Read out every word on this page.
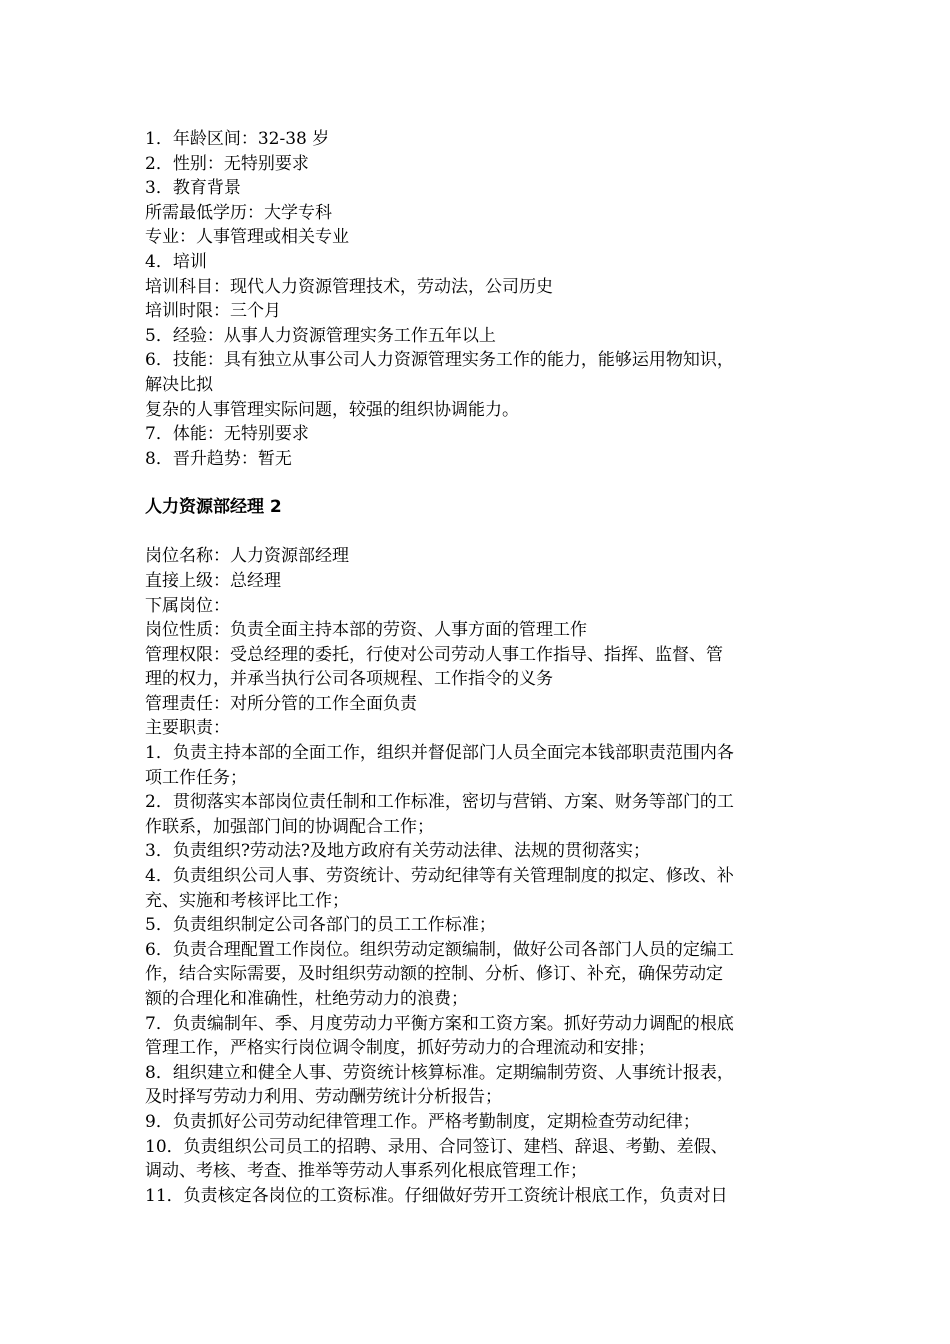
1．年龄区间：32-38 岁
2．性别：无特别要求
3．教育背景
所需最低学历：大学专科
专业：人事管理或相关专业
4．培训
培训科目：现代人力资源管理技术，劳动法，公司历史
培训时限：三个月
5．经验：从事人力资源管理实务工作五年以上
6．技能：具有独立从事公司人力资源管理实务工作的能力，能够运用物知识，
解决比拟
复杂的人事管理实际问题，较强的组织协调能力。
7．体能：无特别要求
8．晋升趋势：暂无
人力资源部经理 2
岗位名称：人力资源部经理
直接上级：总经理
下属岗位：
岗位性质：负责全面主持本部的劳资、人事方面的管理工作
管理权限：受总经理的委托，行使对公司劳动人事工作指导、指挥、监督、管
理的权力，并承当执行公司各项规程、工作指令的义务
管理责任：对所分管的工作全面负责
主要职责：
1．负责主持本部的全面工作，组织并督促部门人员全面完本钱部职责范围内各
项工作任务；
2．贯彻落实本部岗位责任制和工作标准，密切与营销、方案、财务等部门的工
作联系，加强部门间的协调配合工作；
3．负责组织?劳动法?及地方政府有关劳动法律、法规的贯彻落实；
4．负责组织公司人事、劳资统计、劳动纪律等有关管理制度的拟定、修改、补
充、实施和考核评比工作；
5．负责组织制定公司各部门的员工工作标准；
6．负责合理配置工作岗位。组织劳动定额编制，做好公司各部门人员的定编工
作，结合实际需要，及时组织劳动额的控制、分析、修订、补充，确保劳动定
额的合理化和准确性，杜绝劳动力的浪费；
7．负责编制年、季、月度劳动力平衡方案和工资方案。抓好劳动力调配的根底
管理工作，严格实行岗位调令制度，抓好劳动力的合理流动和安排；
8．组织建立和健全人事、劳资统计核算标准。定期编制劳资、人事统计报表，
及时择写劳动力利用、劳动酬劳统计分析报告；
9．负责抓好公司劳动纪律管理工作。严格考勤制度，定期检查劳动纪律；
10．负责组织公司员工的招聘、录用、合同签订、建档、辞退、考勤、差假、
调动、考核、考查、推举等劳动人事系列化根底管理工作；
11．负责核定各岗位的工资标准。仔细做好劳开工资统计根底工作，负责对日
